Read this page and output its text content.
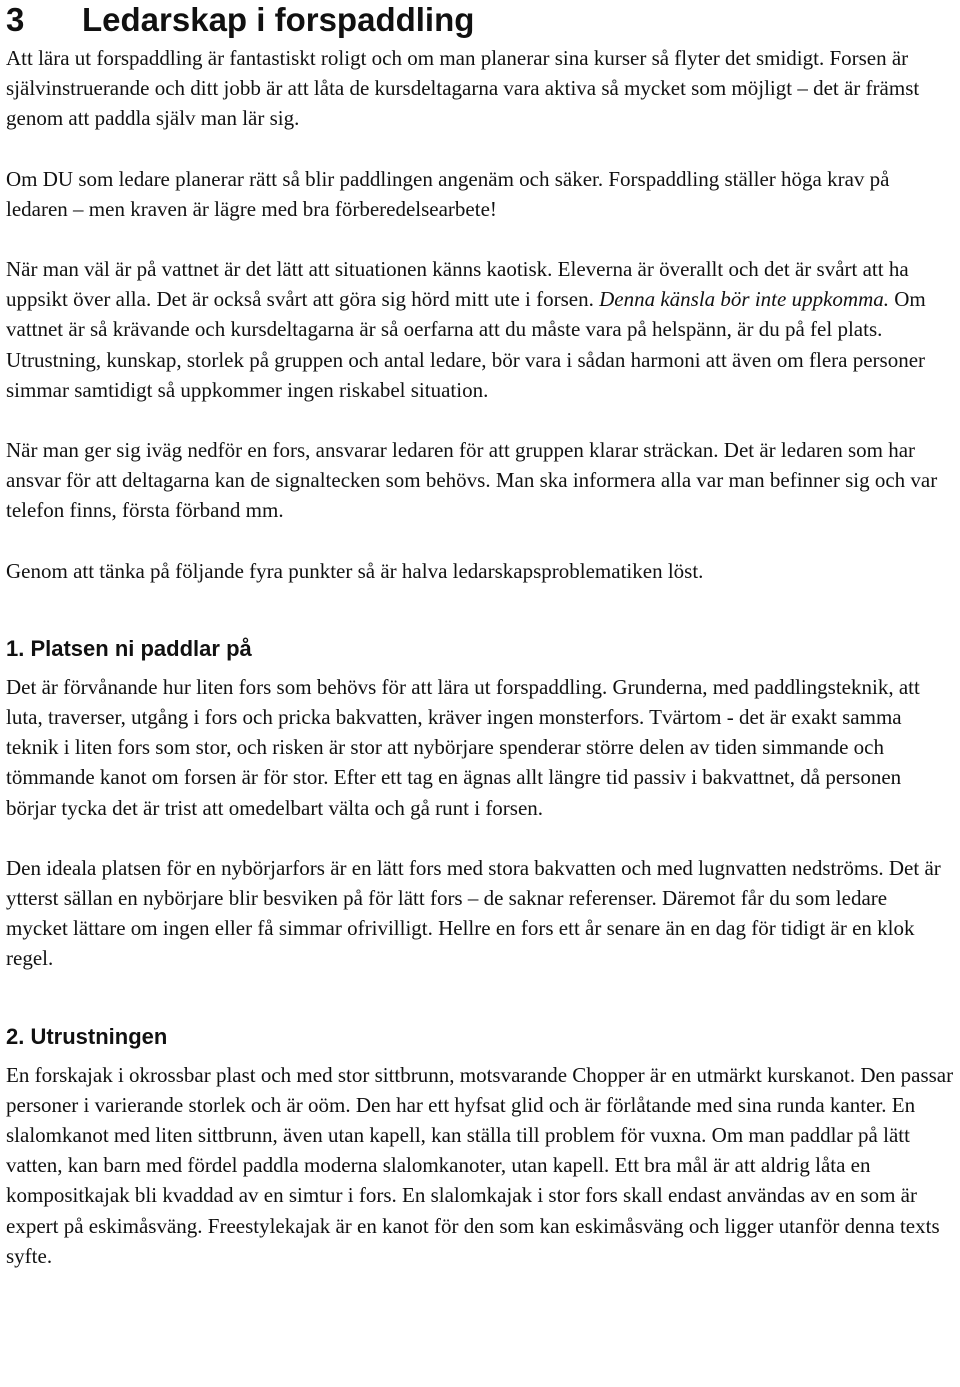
3	Ledarskap i forspaddling

Att lära ut forspaddling är fantastiskt roligt och om man planerar sina kurser så flyter det smidigt. Forsen är självinstruerande och ditt jobb är att låta de kursdeltagarna vara aktiva så mycket som möjligt – det är främst genom att paddla själv man lär sig.

Om DU som ledare planerar rätt så blir paddlingen angenäm och säker. Forspaddling ställer höga krav på ledaren – men kraven är lägre med bra förberedelsearbete!

När man väl är på vattnet är det lätt att situationen känns kaotisk. Eleverna är överallt och det är svårt att ha uppsikt över alla. Det är också svårt att göra sig hörd mitt ute i forsen. Denna känsla bör inte uppkomma. Om vattnet är så krävande och kursdeltagarna är så oerfarna att du måste vara på helspänn, är du på fel plats. Utrustning, kunskap, storlek på gruppen och antal ledare, bör vara i sådan harmoni att även om flera personer simmar samtidigt så uppkommer ingen riskabel situation.

När man ger sig iväg nedför en fors, ansvarar ledaren för att gruppen klarar sträckan. Det är ledaren som har ansvar för att deltagarna kan de signaltecken som behövs. Man ska informera alla var man befinner sig och var telefon finns, första förband mm.

Genom att tänka på följande fyra punkter så är halva ledarskapsproblematiken löst.

1. Platsen ni paddlar på

Det är förvånande hur liten fors som behövs för att lära ut forspaddling. Grunderna, med paddlingsteknik, att luta, traverser, utgång i fors och pricka bakvatten, kräver ingen monsterfors. Tvärtom - det är exakt samma teknik i liten fors som stor, och risken är stor att nybörjare spenderar större delen av tiden simmande och tömmande kanot om forsen är för stor. Efter ett tag en ägnas allt längre tid passiv i bakvattnet, då personen börjar tycka det är trist att omedelbart välta och gå runt i forsen.

Den ideala platsen för en nybörjarfors är en lätt fors med stora bakvatten och med lugnvatten nedströms. Det är ytterst sällan en nybörjare blir besviken på för lätt fors – de saknar referenser. Däremot får du som ledare mycket lättare om ingen eller få simmar ofrivilligt. Hellre en fors ett år senare än en dag för tidigt är en klok regel.

2. Utrustningen

En forskajak i okrossbar plast och med stor sittbrunn, motsvarande Chopper är en utmärkt kurskanot. Den passar personer i varierande storlek och är oöm. Den har ett hyfsat glid och är förlåtande med sina runda kanter. En slalomkanot med liten sittbrunn, även utan kapell, kan ställa till problem för vuxna. Om man paddlar på lätt vatten, kan barn med fördel paddla moderna slalomkanoter, utan kapell. Ett bra mål är att aldrig låta en kompositkajak bli kvaddad av en simtur i fors. En slalomkajak i stor fors skall endast användas av en som är expert på eskimåsväng. Freestylekajak är en kanot för den som kan eskimåsväng och ligger utanför denna texts syfte.
